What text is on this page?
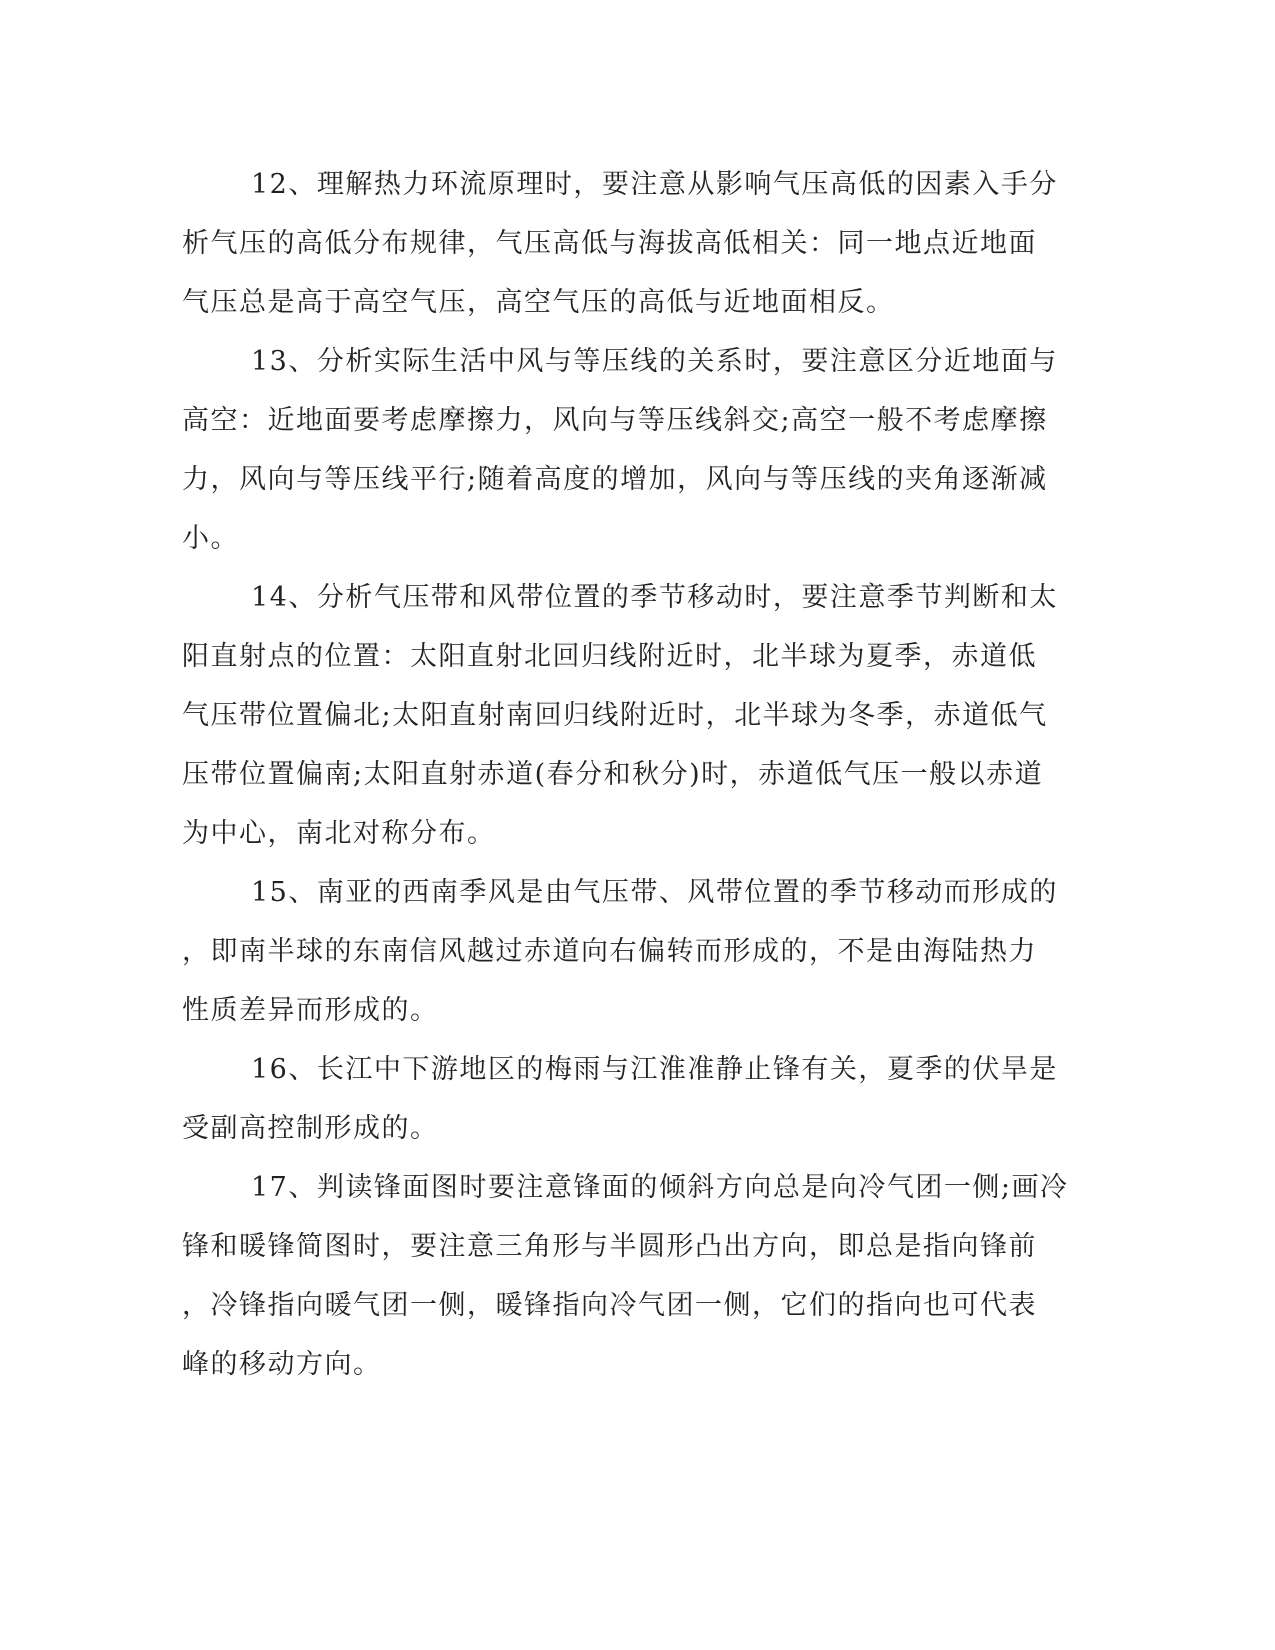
12、理解热力环流原理时，要注意从影响气压高低的因素入手分
析气压的高低分布规律，气压高低与海拔高低相关：同一地点近地面
气压总是高于高空气压，高空气压的高低与近地面相反。

13、分析实际生活中风与等压线的关系时，要注意区分近地面与
高空：近地面要考虑摩擦力，风向与等压线斜交;高空一般不考虑摩擦
力，风向与等压线平行;随着高度的增加，风向与等压线的夹角逐渐减
小。

14、分析气压带和风带位置的季节移动时，要注意季节判断和太
阳直射点的位置：太阳直射北回归线附近时，北半球为夏季，赤道低
气压带位置偏北;太阳直射南回归线附近时，北半球为冬季，赤道低气
压带位置偏南;太阳直射赤道(春分和秋分)时，赤道低气压一般以赤道
为中心，南北对称分布。

15、南亚的西南季风是由气压带、风带位置的季节移动而形成的
，即南半球的东南信风越过赤道向右偏转而形成的，不是由海陆热力
性质差异而形成的。

16、长江中下游地区的梅雨与江淮准静止锋有关，夏季的伏旱是
受副高控制形成的。

17、判读锋面图时要注意锋面的倾斜方向总是向冷气团一侧;画冷
锋和暖锋简图时，要注意三角形与半圆形凸出方向，即总是指向锋前
，冷锋指向暖气团一侧，暖锋指向冷气团一侧，它们的指向也可代表
峰的移动方向。
